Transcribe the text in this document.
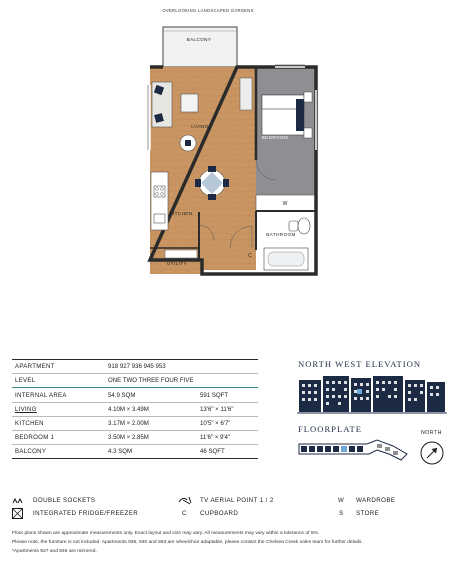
OVERLOOKING LANDSCAPED GARDENS
BALCONY
LIVING
BEDROOM
KITCHEN
BATHROOM
UTILITY
W
C
APARTMENT	918 927 936 945 953
LEVEL	ONE TWO THREE FOUR FIVE
INTERNAL AREA	54.9 SQM	591 SQFT
LIVING	4.10M × 3.49M	13'6" × 11'6"
KITCHEN	3.17M × 2.00M	10'5" × 6'7"
BEDROOM 1	3.50M × 2.85M	11'6" × 9'4"
BALCONY	4.3 SQM	46 SQFT
NORTH WEST ELEVATION
FLOORPLATE	NORTH
DOUBLE SOCKETS
INTEGRATED FRIDGE/FREEZER
TV AERIAL POINT 1 / 2
C CUPBOARD
W WARDROBE
S STORE
Floor plans shown are approximate measurements only. Exact layout and size may vary. All measurements may vary within a tolerance of 5%.
Please note, the furniture is not included. Apartments 936, 945 and 953 are wheelchair adaptable, please contact the Chelsea Creek sales team for further details.
*Apartments 927 and 945 are mirrored.
